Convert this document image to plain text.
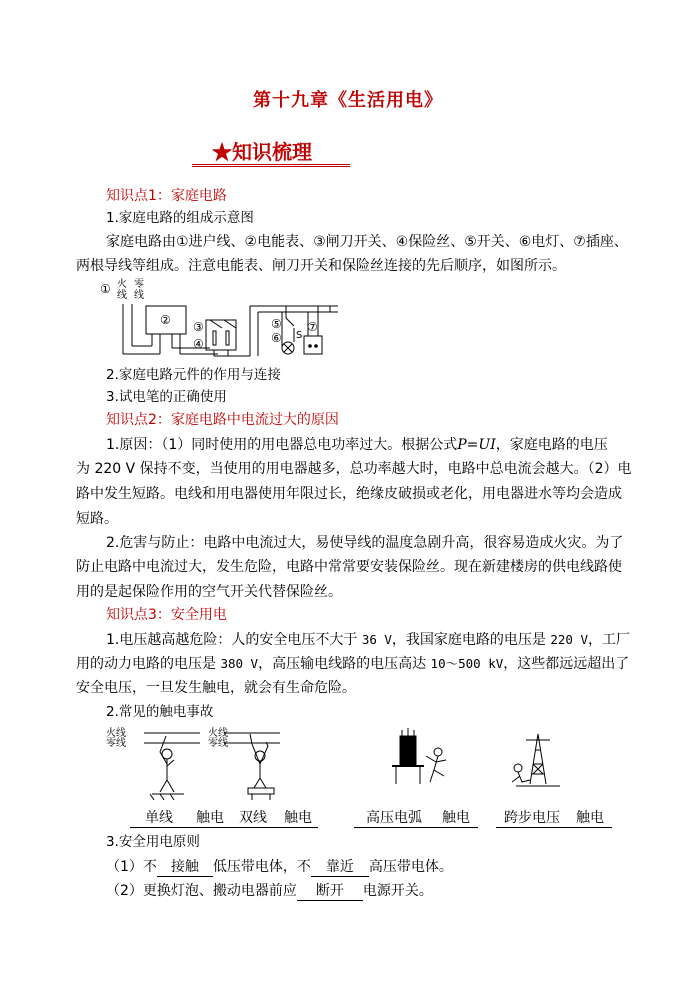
第十九章《生活用电》
★知识梳理
知识点1：家庭电路
1.家庭电路的组成示意图
家庭电路由①进户线、②电能表、③闸刀开关、④保险丝、⑤开关、⑥电灯、⑦插座、
两根导线等组成。注意电能表、闸刀开关和保险丝连接的先后顺序，如图所示。
① 火
线
零
线
② ③
④
⑤
⑥ S
⑦
2.家庭电路元件的作用与连接
3.试电笔的正确使用
知识点2：家庭电路中电流过大的原因
1.原因：（1）同时使用的用电器总电功率过大。根据公式P=UI，家庭电路的电压
为 220 V 保持不变，当使用的用电器越多，总功率越大时，电路中总电流会越大。（2）电
路中发生短路。电线和用电器使用年限过长，绝缘皮破损或老化，用电器进水等均会造成
短路。
2.危害与防止：电路中电流过大，易使导线的温度急剧升高，很容易造成火灾。为了
防止电路中电流过大，发生危险，电路中常常要安装保险丝。现在新建楼房的供电线路使
用的是起保险作用的空气开关代替保险丝。
知识点3：安全用电
1.电压越高越危险：人的安全电压不大于 36 V，我国家庭电路的电压是 220 V，工厂
用的动力电路的电压是 380 V，高压输电线路的电压高达 10～500 kV，这些都远远超出了
安全电压，一旦发生触电，就会有生命危险。
2.常见的触电事故
火线
零线
火线
零线
单线 触电	双线 触电	高压电弧 触电	跨步电压 触电
3.安全用电原则
（1）不 接触 低压带电体，不 靠近 高压带电体。
（2）更换灯泡、搬动电器前应 断开 电源开关。
